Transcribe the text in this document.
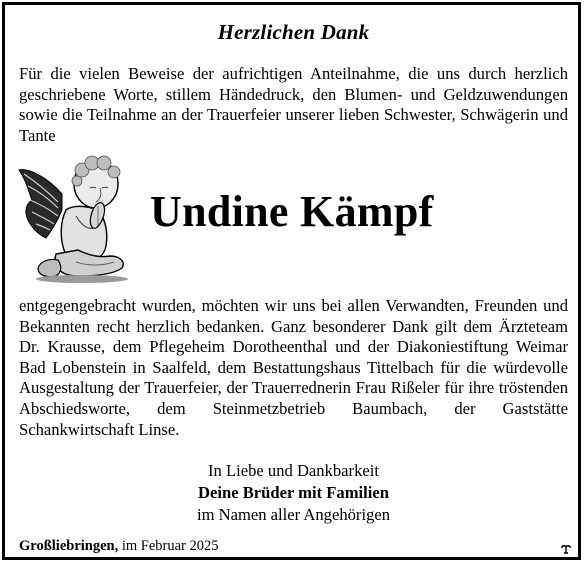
Herzlichen Dank

Für die vielen Beweise der aufrichtigen Anteilnahme, die uns durch herzlich geschriebene Worte, stillem Händedruck, den Blumen- und Geldzuwendungen sowie die Teilnahme an der Trauerfeier unserer lieben Schwester, Schwägerin und Tante

Undine Kämpf

entgegengebracht wurden, möchten wir uns bei allen Verwandten, Freunden und Bekannten recht herzlich bedanken. Ganz besonderer Dank gilt dem Ärzteteam Dr. Krausse, dem Pflegeheim Dorotheenthal und der Diakoniestiftung Weimar Bad Lobenstein in Saalfeld, dem Bestattungshaus Tittelbach für die würdevolle Ausgestaltung der Trauerfeier, der Trauerrednerin Frau Rißeler für ihre tröstenden Abschiedsworte, dem Steinmetzbetrieb Baumbach, der Gaststätte Schankwirtschaft Linse.

In Liebe und Dankbarkeit
Deine Brüder mit Familien
im Namen aller Angehörigen
Großliebringen, im Februar 2025
